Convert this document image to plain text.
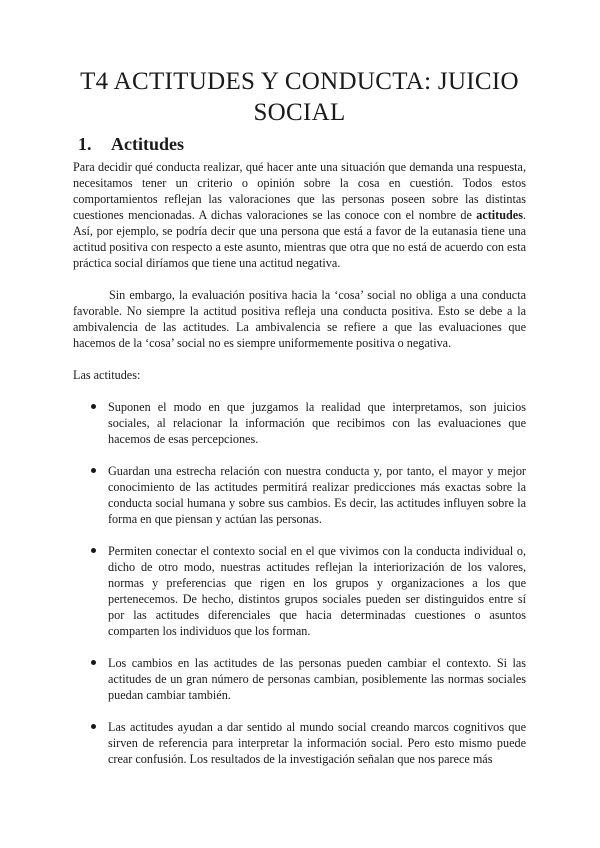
T4 ACTITUDES Y CONDUCTA: JUICIO SOCIAL
1. Actitudes

Para decidir qué conducta realizar, qué hacer ante una situación que demanda una respuesta, necesitamos tener un criterio o opinión sobre la cosa en cuestión. Todos estos comportamientos reflejan las valoraciones que las personas poseen sobre las distintas cuestiones mencionadas. A dichas valoraciones se las conoce con el nombre de actitudes. Así, por ejemplo, se podría decir que una persona que está a favor de la eutanasia tiene una actitud positiva con respecto a este asunto, mientras que otra que no está de acuerdo con esta práctica social diríamos que tiene una actitud negativa.

Sin embargo, la evaluación positiva hacia la ‘cosa’ social no obliga a una conducta favorable. No siempre la actitud positiva refleja una conducta positiva. Esto se debe a la ambivalencia de las actitudes. La ambivalencia se refiere a que las evaluaciones que hacemos de la ‘cosa’ social no es siempre uniformemente positiva o negativa.

Las actitudes:

Suponen el modo en que juzgamos la realidad que interpretamos, son juicios sociales, al relacionar la información que recibimos con las evaluaciones que hacemos de esas percepciones.

Guardan una estrecha relación con nuestra conducta y, por tanto, el mayor y mejor conocimiento de las actitudes permitirá realizar predicciones más exactas sobre la conducta social humana y sobre sus cambios. Es decir, las actitudes influyen sobre la forma en que piensan y actúan las personas.

Permiten conectar el contexto social en el que vivimos con la conducta individual o, dicho de otro modo, nuestras actitudes reflejan la interiorización de los valores, normas y preferencias que rigen en los grupos y organizaciones a los que pertenecemos. De hecho, distintos grupos sociales pueden ser distinguidos entre sí por las actitudes diferenciales que hacia determinadas cuestiones o asuntos comparten los individuos que los forman.

Los cambios en las actitudes de las personas pueden cambiar el contexto. Si las actitudes de un gran número de personas cambian, posiblemente las normas sociales puedan cambiar también.

Las actitudes ayudan a dar sentido al mundo social creando marcos cognitivos que sirven de referencia para interpretar la información social. Pero esto mismo puede crear confusión. Los resultados de la investigación señalan que nos parece más
